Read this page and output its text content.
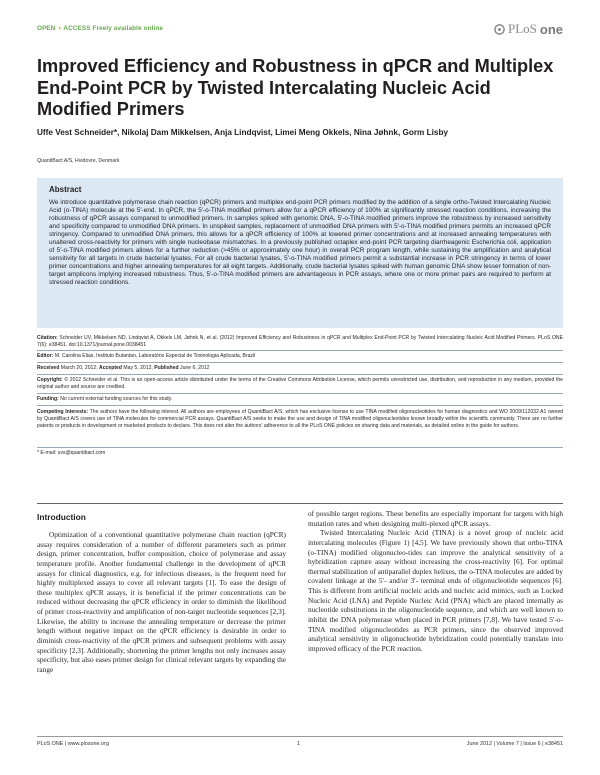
OPEN ◖ ACCESS Freely available online	PLoS one
Improved Efficiency and Robustness in qPCR and Multiplex End-Point PCR by Twisted Intercalating Nucleic Acid Modified Primers
Uffe Vest Schneider*, Nikolaj Dam Mikkelsen, Anja Lindqvist, Limei Meng Okkels, Nina Jøhnk, Gorm Lisby
QuantiBact A/S, Hvidovre, Denmark
Abstract

We introduce quantitative polymerase chain reaction (qPCR) primers and multiplex end-point PCR primers modified by the addition of a single ortho-Twisted Intercalating Nucleic Acid (o-TINA) molecule at the 5′-end. In qPCR, the 5′-o-TINA modified primers allow for a qPCR efficiency of 100% at significantly stressed reaction conditions, increasing the robustness of qPCR assays compared to unmodified primers. In samples spiked with genomic DNA, 5′-o-TINA modified primers improve the robustness by increased sensitivity and specificity compared to unmodified DNA primers. In unspiked samples, replacement of unmodified DNA primers with 5′-o-TINA modified primers permits an increased qPCR stringency. Compared to unmodified DNA primers, this allows for a qPCR efficiency of 100% at lowered primer concentrations and at increased annealing temperatures with unaltered cross-reactivity for primers with single nucleobase mismatches. In a previously published octaplex end-point PCR targeting diarrheagenic Escherichia coli, application of 5′-o-TINA modified primers allows for a further reduction (>45% or approximately one hour) in overall PCR program length, while sustaining the amplification and analytical sensitivity for all targets in crude bacterial lysates. For all crude bacterial lysates, 5′-o-TINA modified primers permit a substantial increase in PCR stringency in terms of lower primer concentrations and higher annealing temperatures for all eight targets. Additionally, crude bacterial lysates spiked with human genomic DNA show lesser formation of non-target amplicons implying increased robustness. Thus, 5′-o-TINA modified primers are advantageous in PCR assays, where one or more primer pairs are required to perform at stressed reaction conditions.

Citation: Schneider UV, Mikkelsen ND, Lindqvist A, Okkels LM, Jøhnk N, et al. (2012) Improved Efficiency and Robustness in qPCR and Multiplex End-Point PCR by Twisted Intercalating Nucleic Acid Modified Primers. PLoS ONE 7(6): e38451. doi:10.1371/journal.pone.0038451
Editor: M. Carolina Elias, Instituto Butantan, Laboratório Especial de Toxinologia Aplicada, Brazil
Received March 20, 2012; Accepted May 5, 2012; Published June 6, 2012
Copyright: © 2012 Schneider et al. This is an open-access article distributed under the terms of the Creative Commons Attribution License, which permits unrestricted use, distribution, and reproduction in any medium, provided the original author and source are credited.
Funding: No current external funding sources for this study.
Competing Interests: The authors have the following interest. All authors are employees of QuantiBact A/S, which has exclusive license to use TINA modified oligonucleotides for human diagnostics and WO 2009/112032 A1 owned by QuantiBact A/S covers use of TINA molecules for commercial PCR assays. QuantiBact A/S seeks to make the use and design of TINA modified oligonucleotides known broadly within the scientific community. There are no further patents or products in development or marketed products to declare. This does not alter the authors' adherence to all the PLoS ONE policies on sharing data and materials, as detailed online in the guide for authors.
* E-mail: uvs@quantibact.com
Introduction

Optimization of a conventional quantitative polymerase chain reaction (qPCR) assay requires consideration of a number of different parameters such as primer design, primer concentration, buffer composition, choice of polymerase and assay temperature profile. Another fundamental challenge in the development of qPCR assays for clinical diagnostics, e.g. for infectious diseases, is the frequent need for highly multiplexed assays to cover all relevant targets [1]. To ease the design of these multiplex qPCR assays, it is beneficial if the primer concentrations can be reduced without decreasing the qPCR efficiency in order to diminish the likelihood of primer cross-reactivity and amplification of non-target nucleotide sequences [2,3]. Likewise, the ability to increase the annealing temperature or decrease the primer length without negative impact on the qPCR efficiency is desirable in order to diminish cross-reactivity of the qPCR primers and subsequent problems with assay specificity [2,3]. Additionally, shortening the primer lengths not only increases assay specificity, but also eases primer design for clinical relevant targets by expanding the range

of possible target regions. These benefits are especially important for targets with high mutation rates and when designing multi-plexed qPCR assays.

Twisted Intercalating Nucleic Acid (TINA) is a novel group of nucleic acid intercalating molecules (Figure 1) [4,5]. We have previously shown that ortho-TINA (o-TINA) modified oligonucleo-tides can improve the analytical sensitivity of a hybridization capture assay without increasing the cross-reactivity [6]. For optimal thermal stabilization of antiparallel duplex helixes, the o-TINA molecules are added by covalent linkage at the 5′- and/or 3′- terminal ends of oligonucleotide sequences [6]. This is different from artificial nucleic acids and nucleic acid mimics, such as Locked Nucleic Acid (LNA) and Peptide Nucleic Acid (PNA) which are placed internally as nucleotide substitutions in the oligonucleotide sequence, and which are well known to inhibit the DNA polymerase when placed in PCR primers [7,8]. We have tested 5′-o-TINA modified oligonucleotides as PCR primers, since the observed improved analytical sensitivity in oligonucleotide hybridization could potentially translate into improved efficacy of the PCR reaction.

PLoS ONE | www.plosone.org	1	June 2012 | Volume 7 | Issue 6 | e38451
